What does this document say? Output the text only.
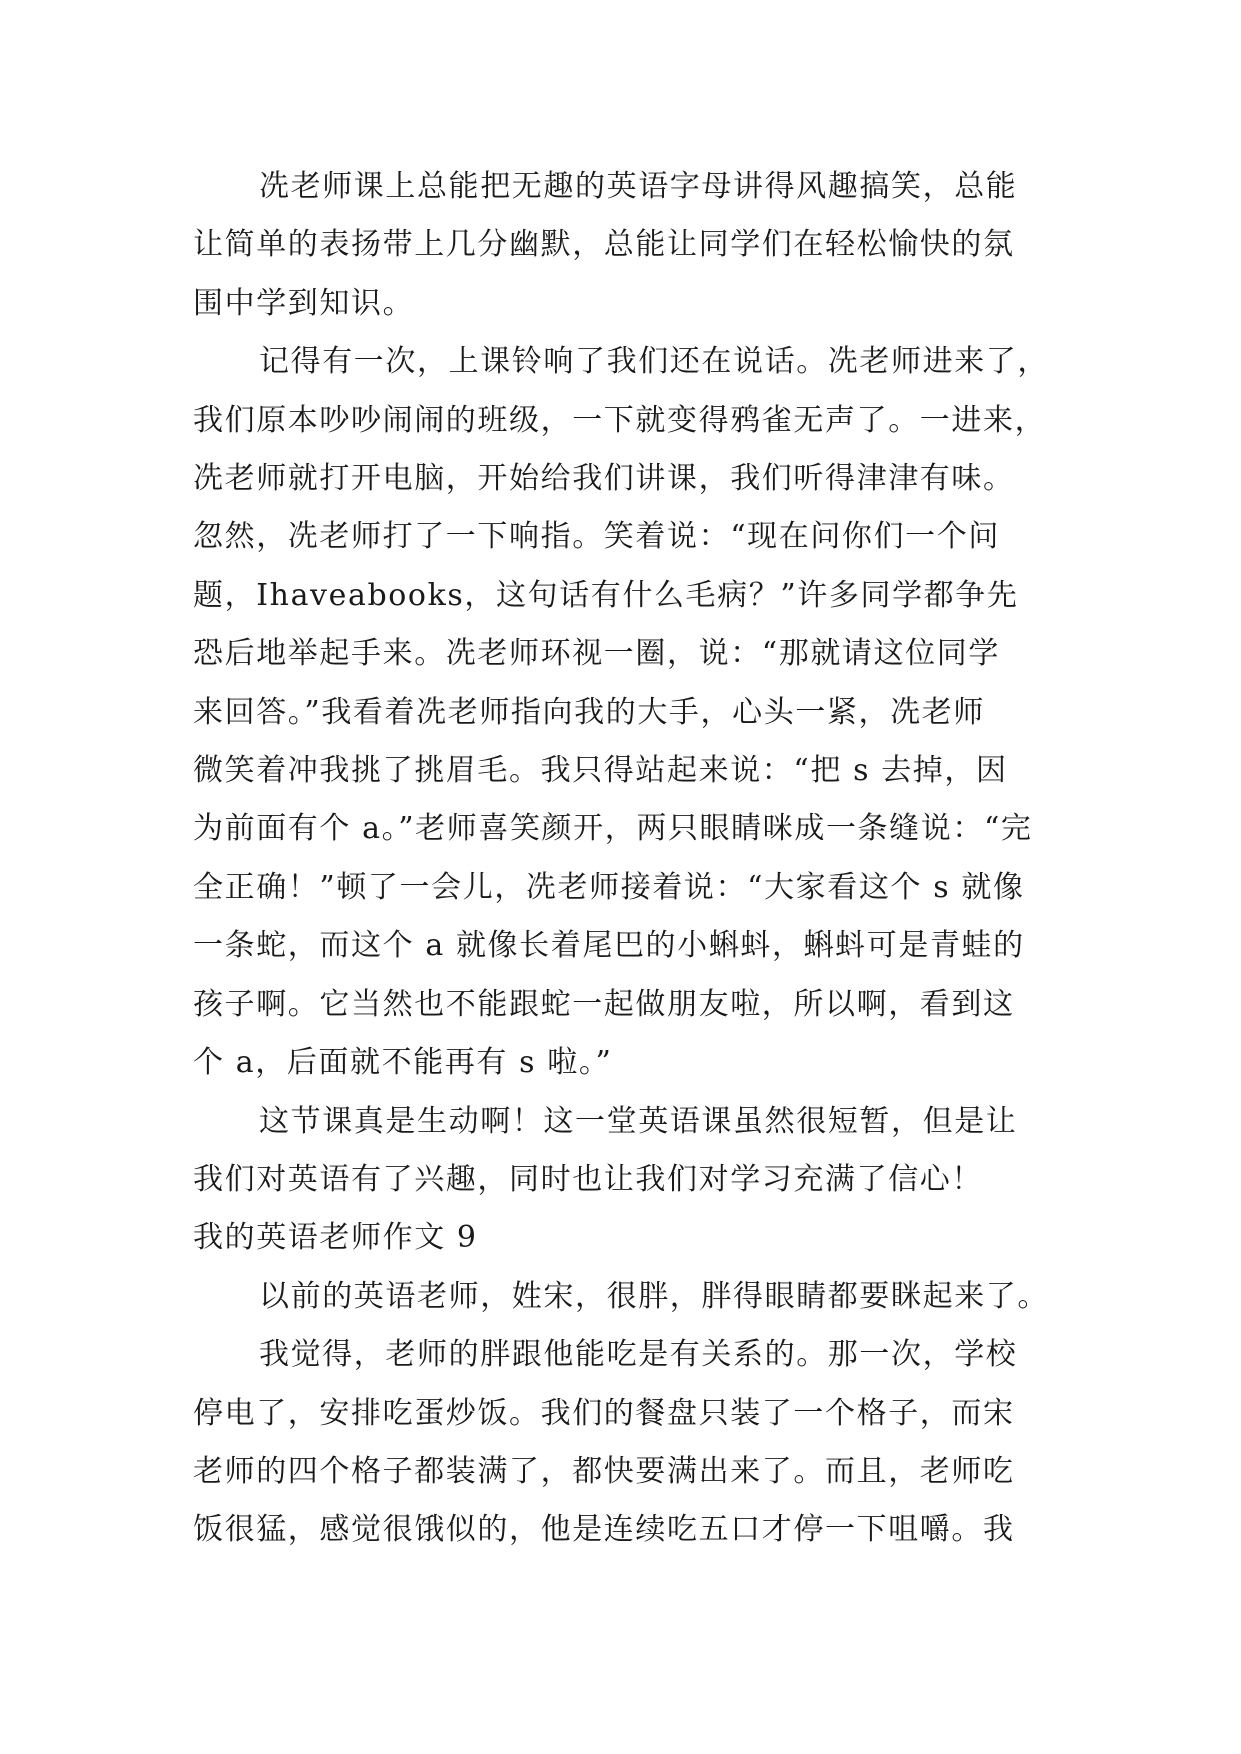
冼老师课上总能把无趣的英语字母讲得风趣搞笑，总能
让简单的表扬带上几分幽默，总能让同学们在轻松愉快的氛
围中学到知识。
记得有一次，上课铃响了我们还在说话。冼老师进来了，
我们原本吵吵闹闹的班级，一下就变得鸦雀无声了。一进来，
冼老师就打开电脑，开始给我们讲课，我们听得津津有味。
忽然，冼老师打了一下响指。笑着说：“现在问你们一个问
题，Ihaveabooks，这句话有什么毛病？”许多同学都争先
恐后地举起手来。冼老师环视一圈，说：“那就请这位同学
来回答。”我看着冼老师指向我的大手，心头一紧，冼老师
微笑着冲我挑了挑眉毛。我只得站起来说：“把 s 去掉，因
为前面有个 a。”老师喜笑颜开，两只眼睛咪成一条缝说：“完
全正确！”顿了一会儿，冼老师接着说：“大家看这个 s 就像
一条蛇，而这个 a 就像长着尾巴的小蝌蚪，蝌蚪可是青蛙的
孩子啊。它当然也不能跟蛇一起做朋友啦，所以啊，看到这
个 a，后面就不能再有 s 啦。”
这节课真是生动啊！这一堂英语课虽然很短暂，但是让
我们对英语有了兴趣，同时也让我们对学习充满了信心！
我的英语老师作文 9
以前的英语老师，姓宋，很胖，胖得眼睛都要眯起来了。
我觉得，老师的胖跟他能吃是有关系的。那一次，学校
停电了，安排吃蛋炒饭。我们的餐盘只装了一个格子，而宋
老师的四个格子都装满了，都快要满出来了。而且，老师吃
饭很猛，感觉很饿似的，他是连续吃五口才停一下咀嚼。我
